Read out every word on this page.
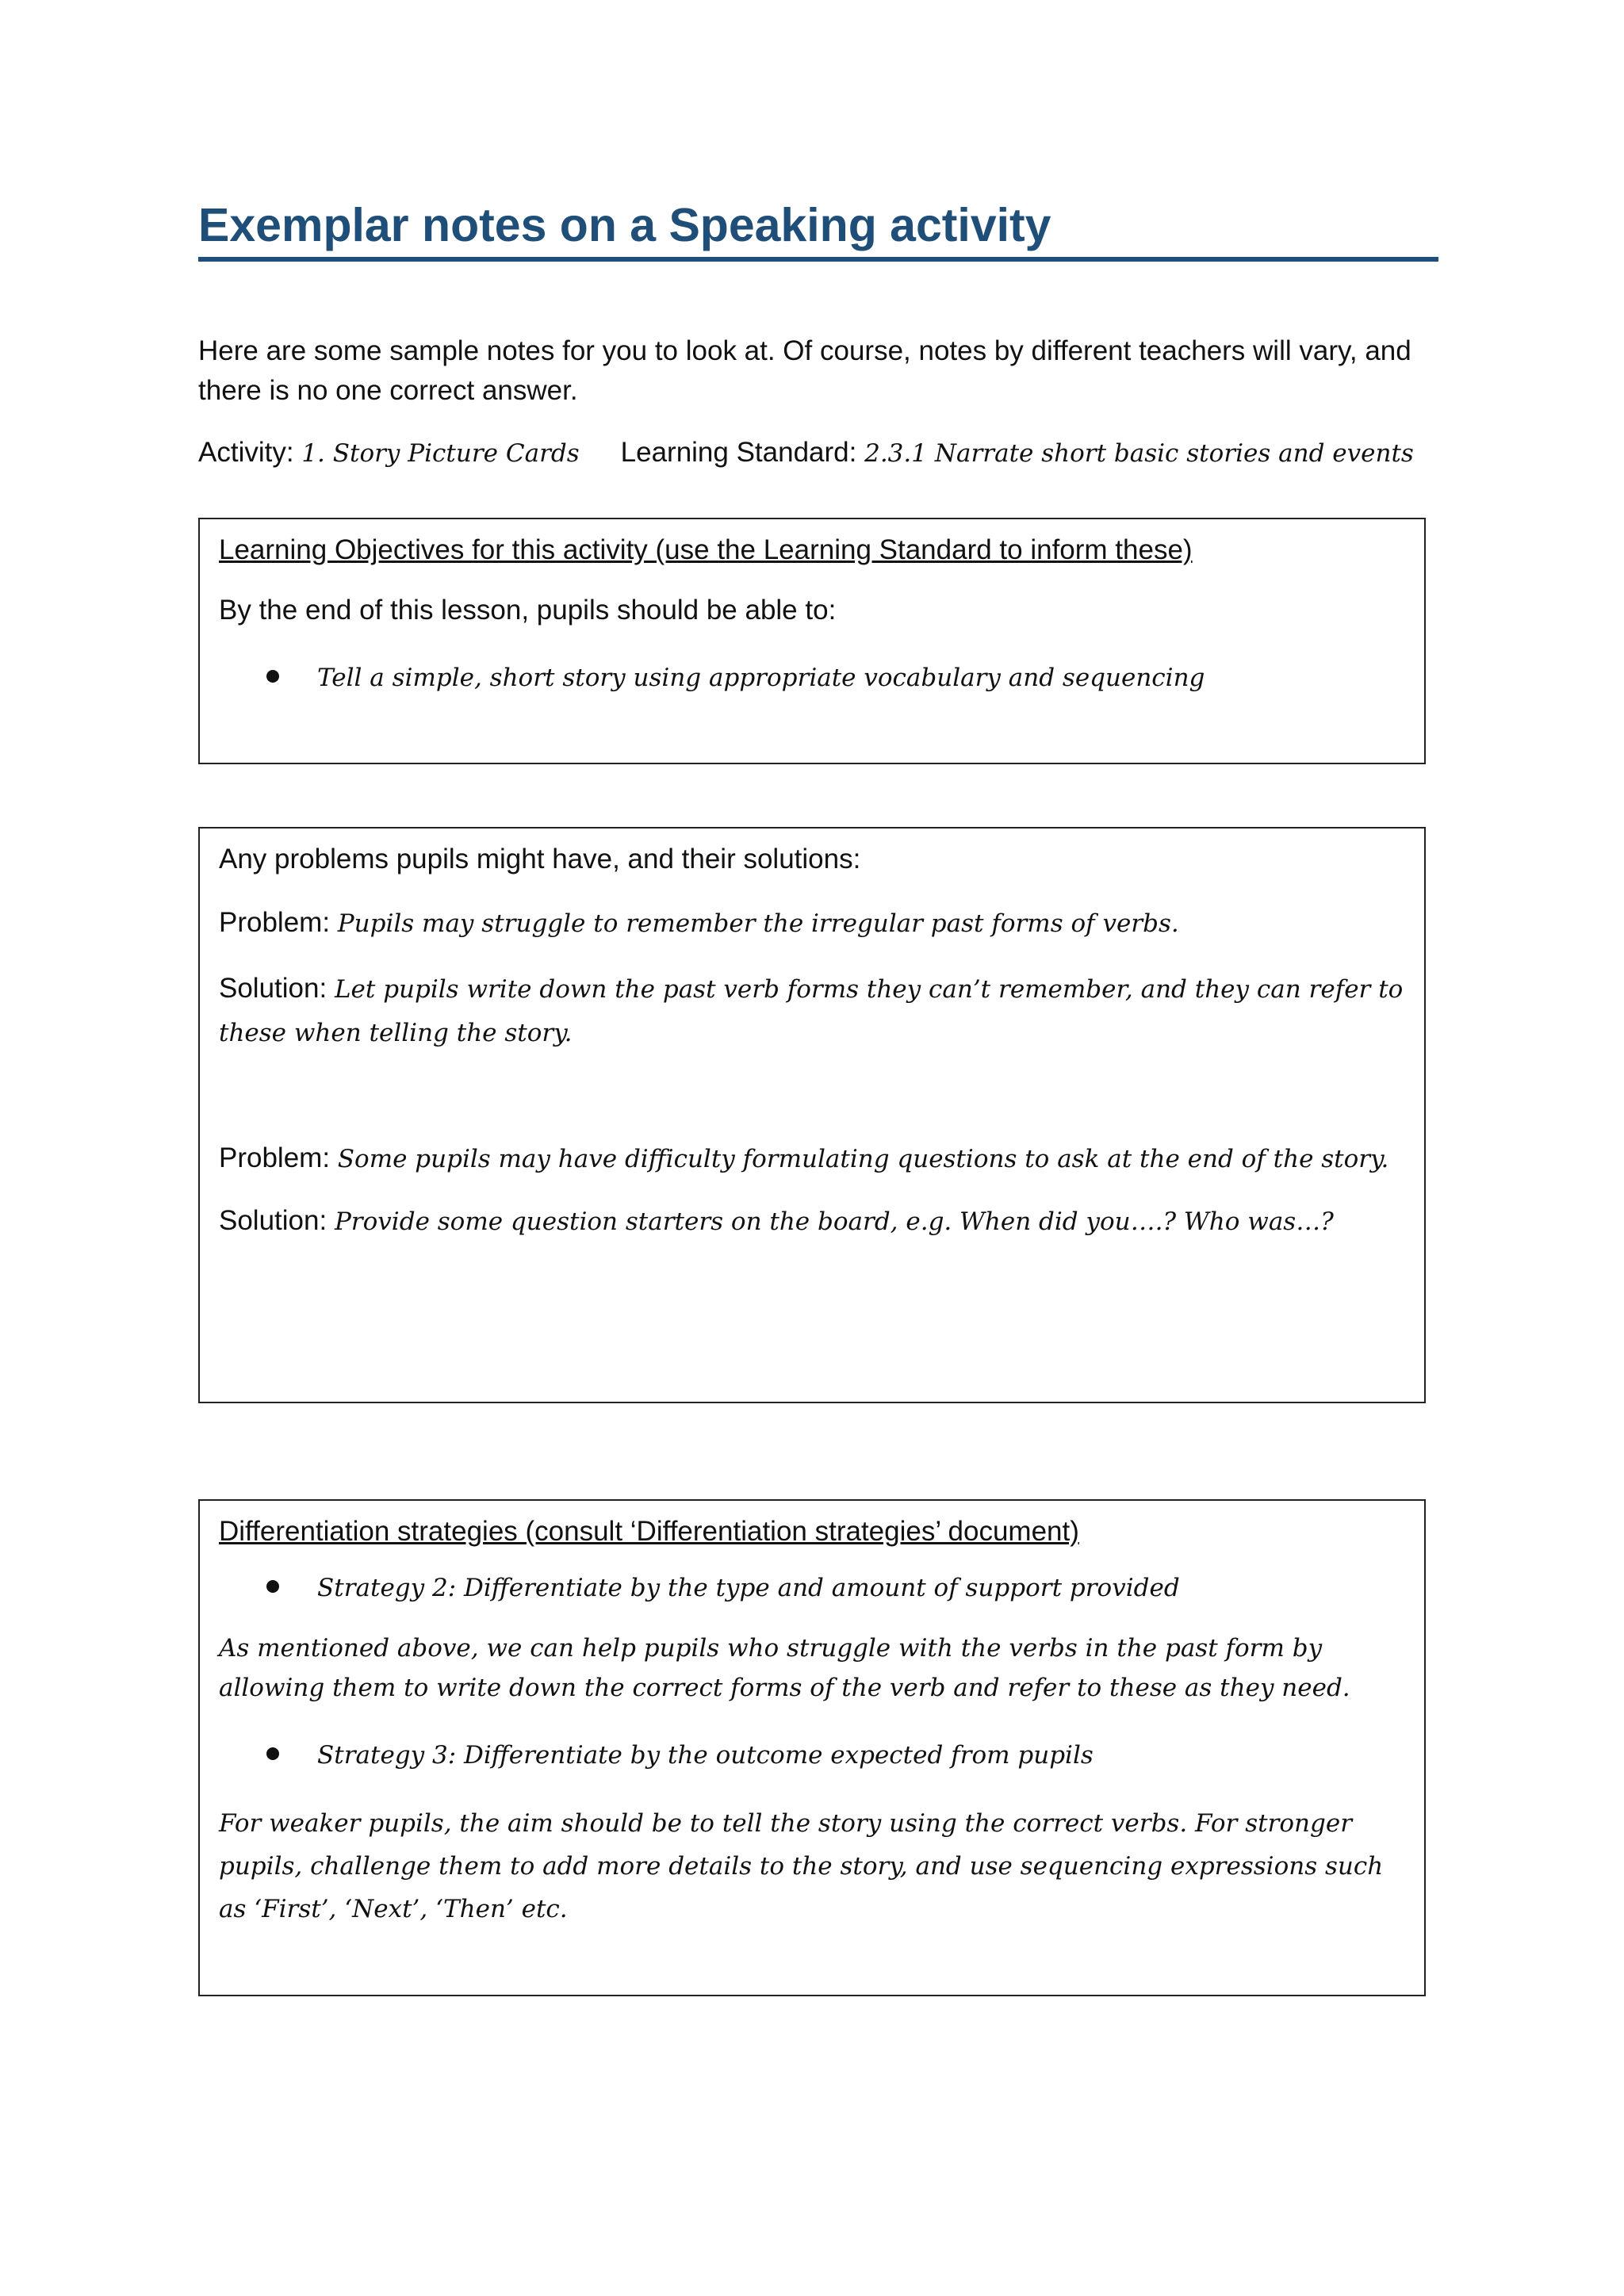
Exemplar notes on a Speaking activity

Here are some sample notes for you to look at. Of course, notes by different teachers will vary, and there is no one correct answer.

Activity: 1. Story Picture Cards Learning Standard: 2.3.1 Narrate short basic stories and events

Learning Objectives for this activity (use the Learning Standard to inform these)

By the end of this lesson, pupils should be able to:

Tell a simple, short story using appropriate vocabulary and sequencing

Any problems pupils might have, and their solutions:

Problem: Pupils may struggle to remember the irregular past forms of verbs.

Solution: Let pupils write down the past verb forms they can’t remember, and they can refer to these when telling the story.

Problem: Some pupils may have difficulty formulating questions to ask at the end of the story.

Solution: Provide some question starters on the board, e.g. When did you….? Who was…?

Differentiation strategies (consult ‘Differentiation strategies’ document)

Strategy 2: Differentiate by the type and amount of support provided

As mentioned above, we can help pupils who struggle with the verbs in the past form by allowing them to write down the correct forms of the verb and refer to these as they need.

Strategy 3: Differentiate by the outcome expected from pupils

For weaker pupils, the aim should be to tell the story using the correct verbs. For stronger pupils, challenge them to add more details to the story, and use sequencing expressions such as ‘First’, ‘Next’, ‘Then’ etc.
